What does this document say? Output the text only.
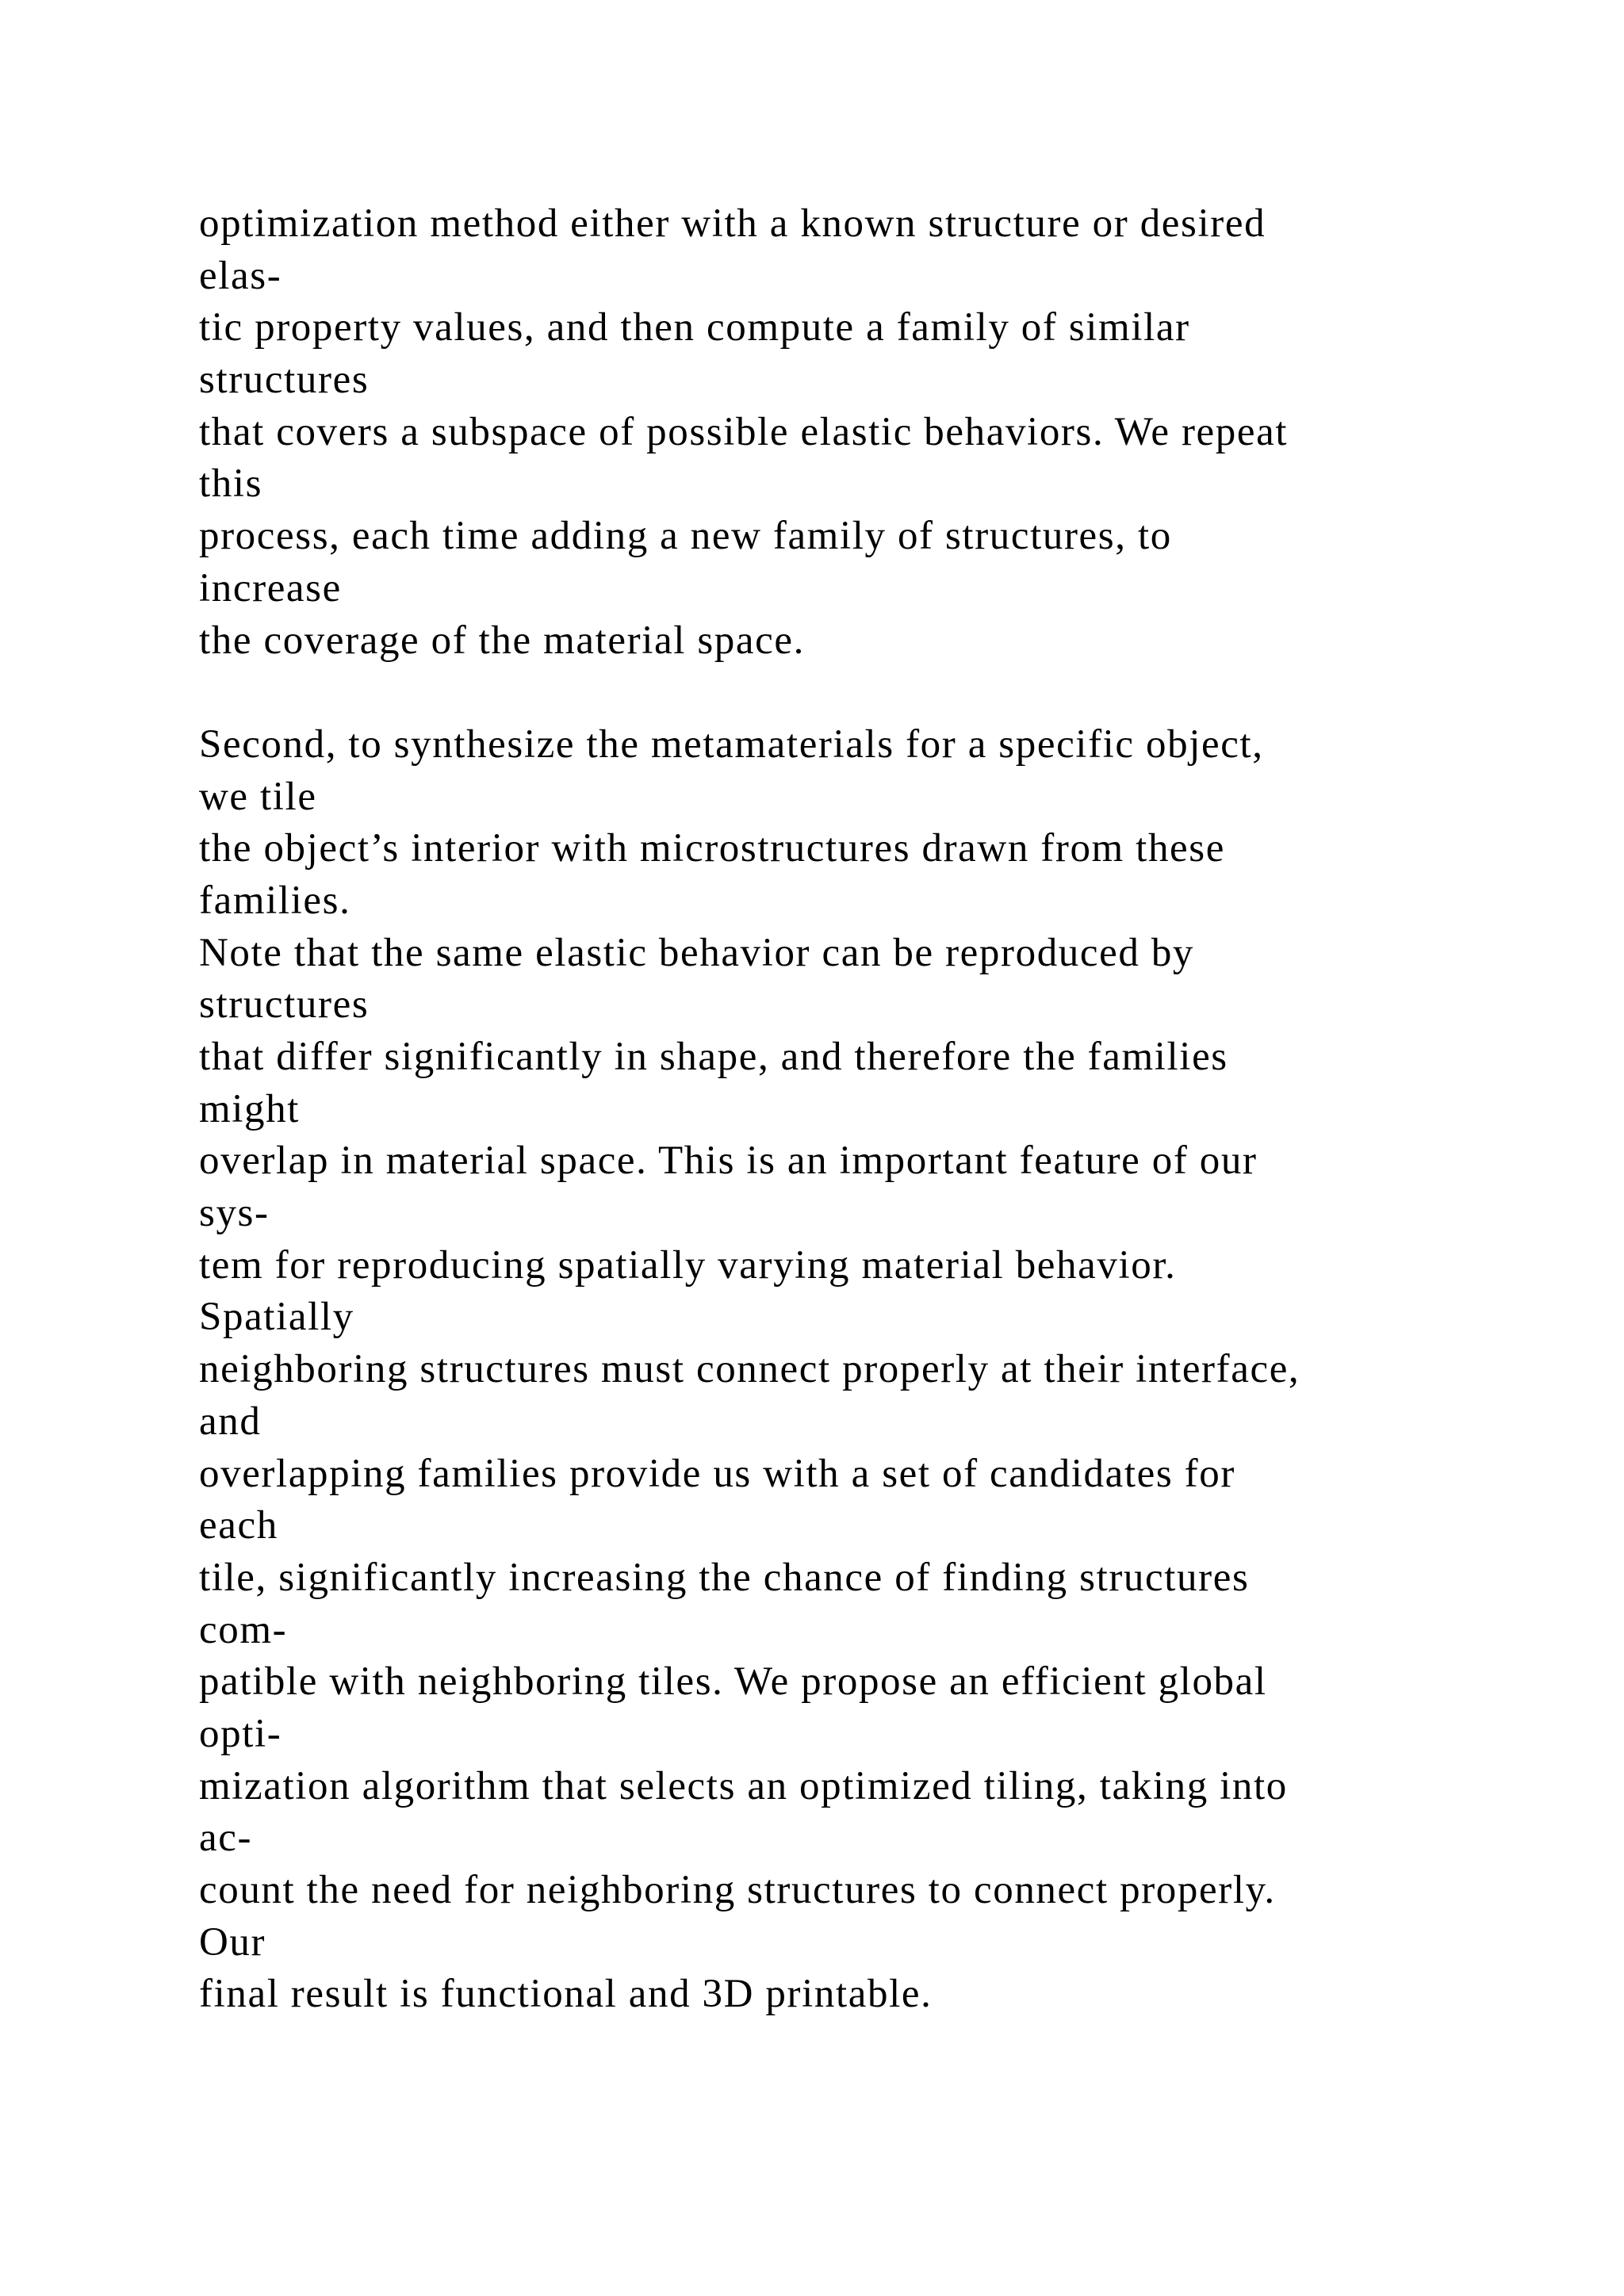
optimization method either with a known structure or desired
elas-
tic property values, and then compute a family of similar
structures
that covers a subspace of possible elastic behaviors. We repeat
this
process, each time adding a new family of structures, to
increase
the coverage of the material space.
Second, to synthesize the metamaterials for a specific object,
we tile
the object’s interior with microstructures drawn from these
families.
Note that the same elastic behavior can be reproduced by
structures
that differ significantly in shape, and therefore the families
might
overlap in material space. This is an important feature of our
sys-
tem for reproducing spatially varying material behavior.
Spatially
neighboring structures must connect properly at their interface,
and
overlapping families provide us with a set of candidates for
each
tile, significantly increasing the chance of finding structures
com-
patible with neighboring tiles. We propose an efficient global
opti-
mization algorithm that selects an optimized tiling, taking into
ac-
count the need for neighboring structures to connect properly.
Our
final result is functional and 3D printable.
